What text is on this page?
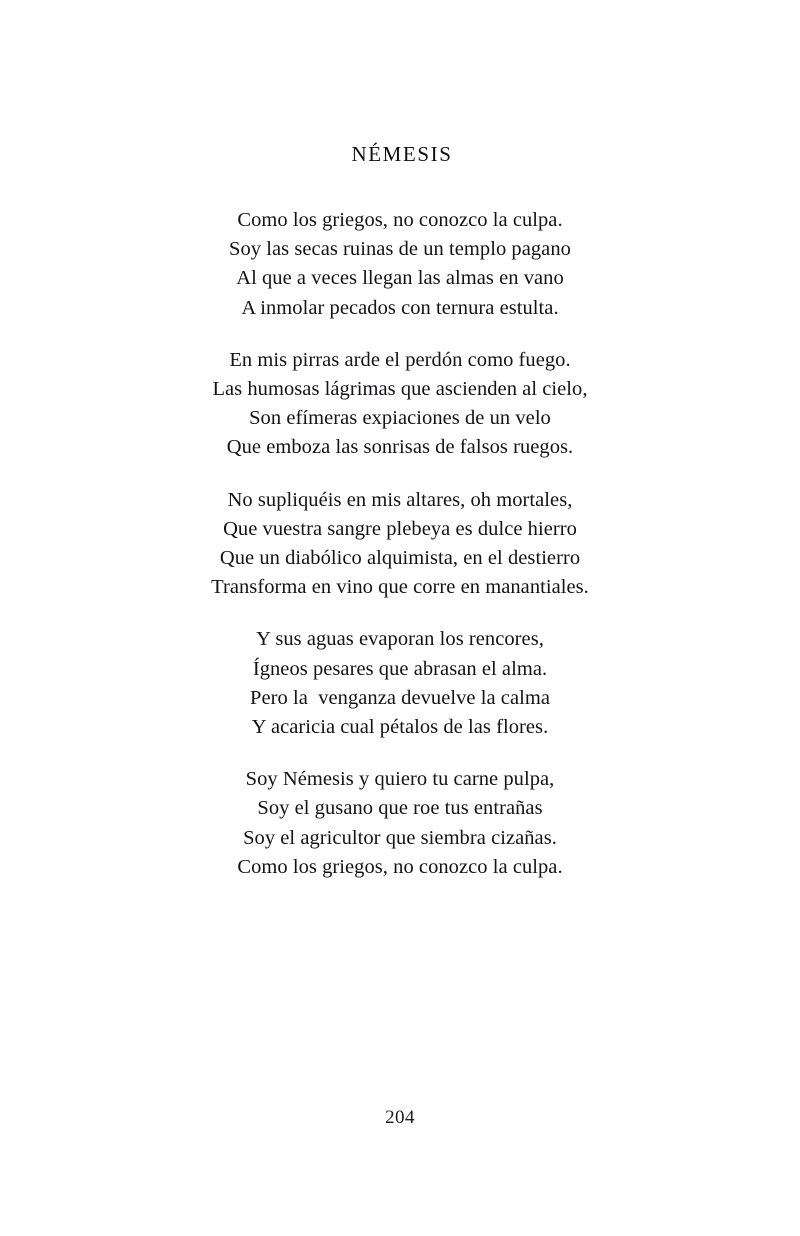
NÉMESIS
Como los griegos, no conozco la culpa.
Soy las secas ruinas de un templo pagano
Al que a veces llegan las almas en vano
A inmolar pecados con ternura estulta.
En mis pirras arde el perdón como fuego.
Las humosas lágrimas que ascienden al cielo,
Son efímeras expiaciones de un velo
Que emboza las sonrisas de falsos ruegos.
No supliquéis en mis altares, oh mortales,
Que vuestra sangre plebeya es dulce hierro
Que un diabólico alquimista, en el destierro
Transforma en vino que corre en manantiales.
Y sus aguas evaporan los rencores,
Ígneos pesares que abrasan el alma.
Pero la  venganza devuelve la calma
Y acaricia cual pétalos de las flores.
Soy Némesis y quiero tu carne pulpa,
Soy el gusano que roe tus entrañas
Soy el agricultor que siembra cizañas.
Como los griegos, no conozco la culpa.
204
